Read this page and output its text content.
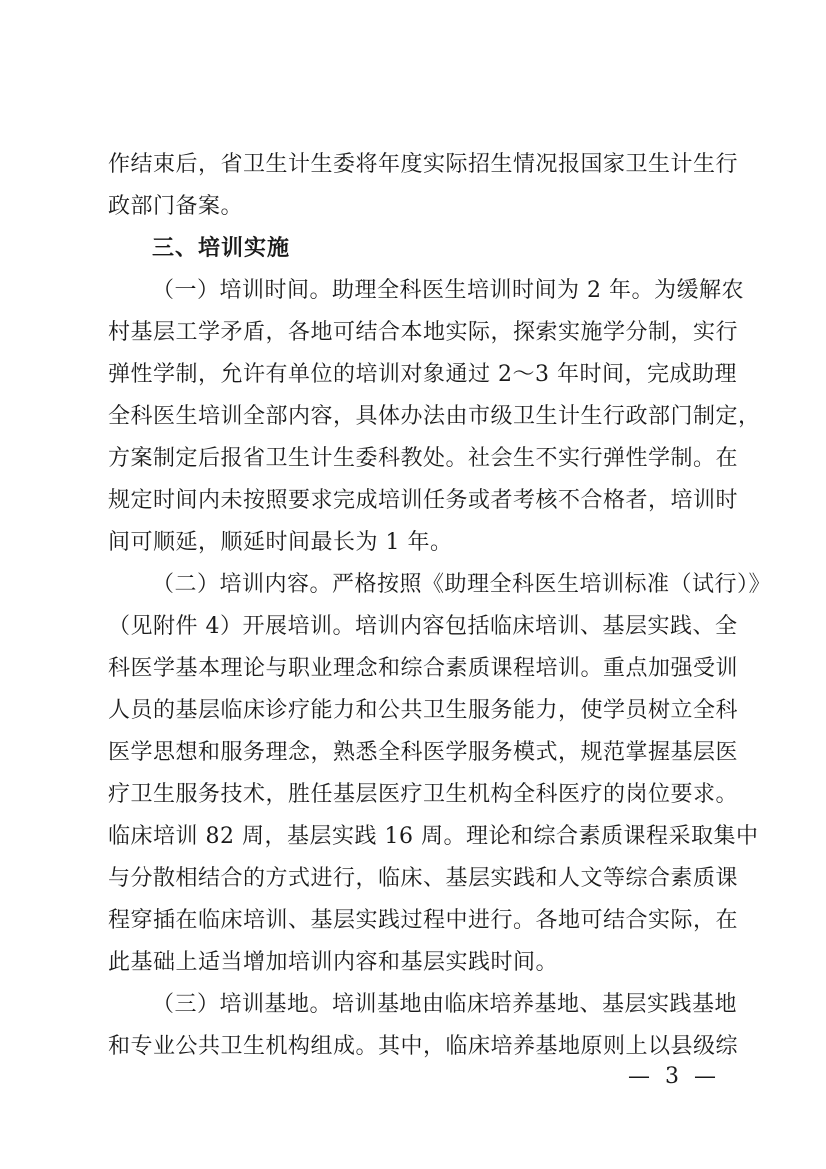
作结束后，省卫生计生委将年度实际招生情况报国家卫生计生行
政部门备案。
三、培训实施
（一）培训时间。助理全科医生培训时间为 2 年。为缓解农
村基层工学矛盾，各地可结合本地实际，探索实施学分制，实行
弹性学制，允许有单位的培训对象通过 2～3 年时间，完成助理
全科医生培训全部内容，具体办法由市级卫生计生行政部门制定，
方案制定后报省卫生计生委科教处。社会生不实行弹性学制。在
规定时间内未按照要求完成培训任务或者考核不合格者，培训时
间可顺延，顺延时间最长为 1 年。
（二）培训内容。严格按照《助理全科医生培训标准（试行）》
（见附件 4）开展培训。培训内容包括临床培训、基层实践、全
科医学基本理论与职业理念和综合素质课程培训。重点加强受训
人员的基层临床诊疗能力和公共卫生服务能力，使学员树立全科
医学思想和服务理念，熟悉全科医学服务模式，规范掌握基层医
疗卫生服务技术，胜任基层医疗卫生机构全科医疗的岗位要求。
临床培训 82 周，基层实践 16 周。理论和综合素质课程采取集中
与分散相结合的方式进行，临床、基层实践和人文等综合素质课
程穿插在临床培训、基层实践过程中进行。各地可结合实际，在
此基础上适当增加培训内容和基层实践时间。
（三）培训基地。培训基地由临床培养基地、基层实践基地
和专业公共卫生机构组成。其中，临床培养基地原则上以县级综
— 3 —
